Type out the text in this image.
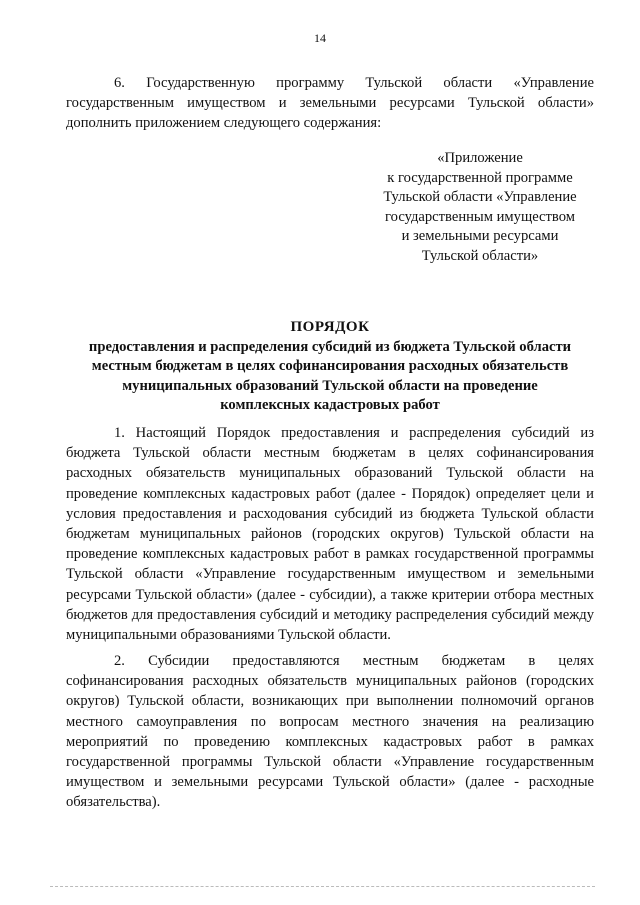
14

6. Государственную программу Тульской области «Управление государственным имуществом и земельными ресурсами Тульской области» дополнить приложением следующего содержания:

«Приложение
к государственной программе
Тульской области «Управление
государственным имуществом
и земельными ресурсами
Тульской области»
ПОРЯДОК
предоставления и распределения субсидий из бюджета Тульской области
местным бюджетам в целях софинансирования расходных обязательств
муниципальных образований Тульской области на проведение
комплексных кадастровых работ

1. Настоящий Порядок предоставления и распределения субсидий из бюджета Тульской области местным бюджетам в целях софинансирования расходных обязательств муниципальных образований Тульской области на проведение комплексных кадастровых работ (далее - Порядок) определяет цели и условия предоставления и расходования субсидий из бюджета Тульской области бюджетам муниципальных районов (городских округов) Тульской области на проведение комплексных кадастровых работ в рамках государственной программы Тульской области «Управление государственным имуществом и земельными ресурсами Тульской области» (далее - субсидии), а также критерии отбора местных бюджетов для предоставления субсидий и методику распределения субсидий между муниципальными образованиями Тульской области.

2. Субсидии предоставляются местным бюджетам в целях софинансирования расходных обязательств муниципальных районов (городских округов) Тульской области, возникающих при выполнении полномочий органов местного самоуправления по вопросам местного значения на реализацию мероприятий по проведению комплексных кадастровых работ в рамках государственной программы Тульской области «Управление государственным имуществом и земельными ресурсами Тульской области» (далее - расходные обязательства).
